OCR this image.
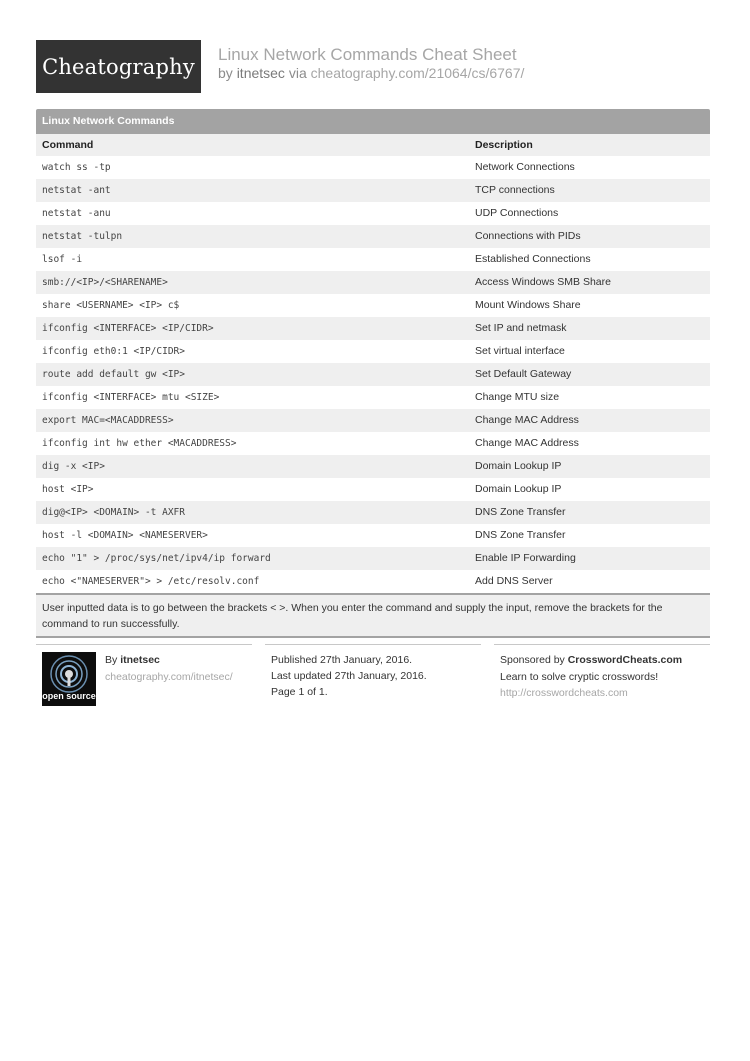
Cheatography Linux Network Commands Cheat Sheet
by itnetsec via cheatography.com/21064/cs/6767/
Linux Network Commands
Command	Description
watch ss -tp	Network Connections
netstat -ant	TCP connections
netstat -anu	UDP Connections
netstat -tulpn	Connections with PIDs
lsof -i	Established Connections
smb://<IP>/<SHARENAME>	Access Windows SMB Share
share <USERNAME> <IP> c$	Mount Windows Share
ifconfig <INTERFACE> <IP/CIDR>	Set IP and netmask
ifconfig eth0:1 <IP/CIDR>	Set virtual interface
route add default gw <IP>	Set Default Gateway
ifconfig <INTERFACE> mtu <SIZE>	Change MTU size
export MAC=<MACADDRESS>	Change MAC Address
ifconfig int hw ether <MACADDRESS>	Change MAC Address
dig -x <IP>	Domain Lookup IP
host <IP>	Domain Lookup IP
dig@<IP> <DOMAIN> -t AXFR	DNS Zone Transfer
host -l <DOMAIN> <NAMESERVER>	DNS Zone Transfer
echo "1" > /proc/sys/net/ipv4/ip forward	Enable IP Forwarding
echo <"NAMESERVER"> > /etc/resolv.conf	Add DNS Server
User inputted data is to go between the brackets < >. When you enter the command and supply the input, remove the brackets for the command to run successfully.
open source
By itnetsec
cheatography.com/itnetsec/
Published 27th January, 2016.
Last updated 27th January, 2016.
Page 1 of 1.
Sponsored by CrosswordCheats.com
Learn to solve cryptic crosswords!
http://crosswordcheats.com
